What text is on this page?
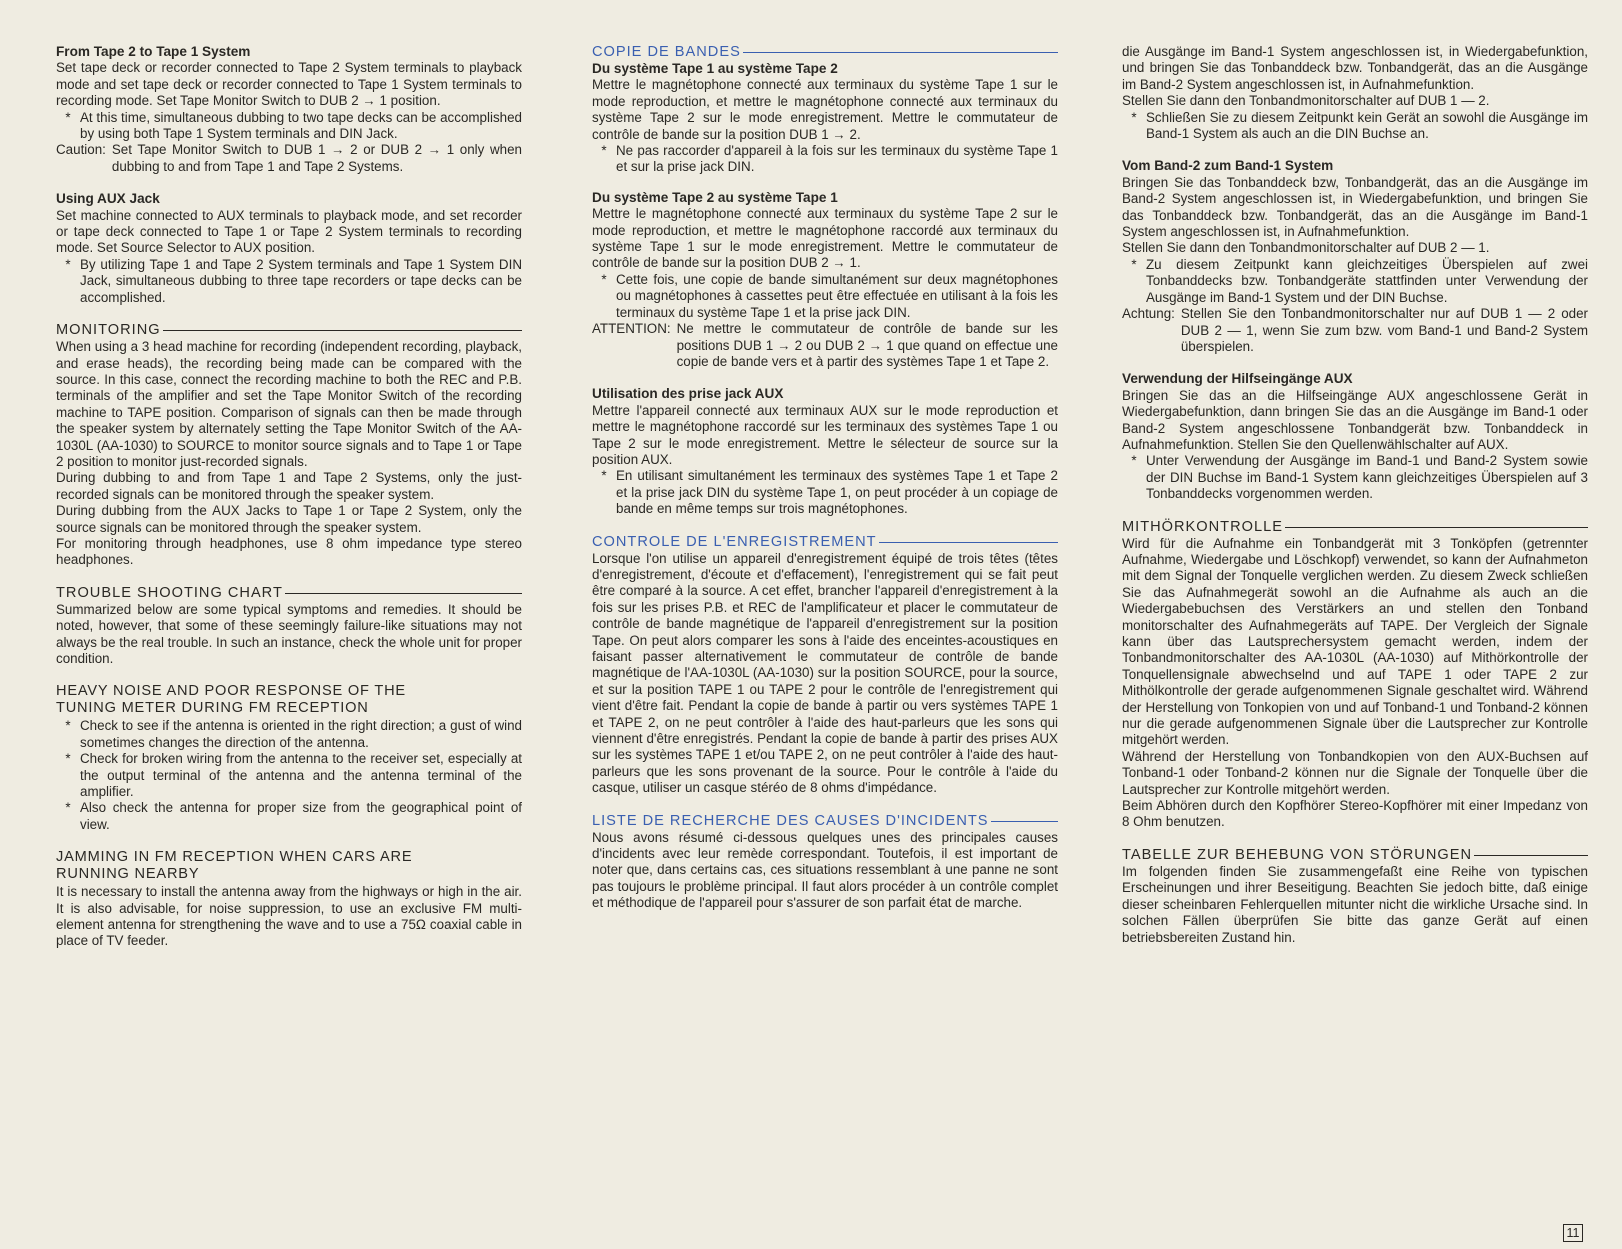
From Tape 2 to Tape 1 System

Set tape deck or recorder connected to Tape 2 System terminals to playback mode and set tape deck or recorder connected to Tape 1 System terminals to recording mode. Set Tape Monitor Switch to DUB 2 → 1 position.

* At this time, simultaneous dubbing to two tape decks can be accomplished by using both Tape 1 System terminals and DIN Jack.
Caution: Set Tape Monitor Switch to DUB 1 → 2 or DUB 2 → 1 only when dubbing to and from Tape 1 and Tape 2 Systems.
Using AUX Jack

Set machine connected to AUX terminals to playback mode, and set recorder or tape deck connected to Tape 1 or Tape 2 System terminals to recording mode. Set Source Selector to AUX position.

* By utilizing Tape 1 and Tape 2 System terminals and Tape 1 System DIN Jack, simultaneous dubbing to three tape recorders or tape decks can be accomplished.
MONITORING

When using a 3 head machine for recording (independent recording, playback, and erase heads), the recording being made can be compared with the source. In this case, connect the recording machine to both the REC and P.B. terminals of the amplifier and set the Tape Monitor Switch of the recording machine to TAPE position. Comparison of signals can then be made through the speaker system by alternately setting the Tape Monitor Switch of the AA-1030L (AA-1030) to SOURCE to monitor source signals and to Tape 1 or Tape 2 position to monitor just-recorded signals.

During dubbing to and from Tape 1 and Tape 2 Systems, only the just-recorded signals can be monitored through the speaker system.

During dubbing from the AUX Jacks to Tape 1 or Tape 2 System, only the source signals can be monitored through the speaker system.

For monitoring through headphones, use 8 ohm impedance type stereo headphones.

TROUBLE SHOOTING CHART

Summarized below are some typical symptoms and remedies. It should be noted, however, that some of these seemingly failure-like situations may not always be the real trouble. In such an instance, check the whole unit for proper condition.

HEAVY NOISE AND POOR RESPONSE OF THE
TUNING METER DURING FM RECEPTION
* Check to see if the antenna is oriented in the right direction; a gust of wind sometimes changes the direction of the antenna.
* Check for broken wiring from the antenna to the receiver set, especially at the output terminal of the antenna and the antenna terminal of the amplifier.
* Also check the antenna for proper size from the geographical point of view.
JAMMING IN FM RECEPTION WHEN CARS ARE
RUNNING NEARBY

It is necessary to install the antenna away from the highways or high in the air. It is also advisable, for noise suppression, to use an exclusive FM multi-element antenna for strengthening the wave and to use a 75Ω coaxial cable in place of TV feeder.

COPIE DE BANDES
Du système Tape 1 au système Tape 2

Mettre le magnétophone connecté aux terminaux du système Tape 1 sur le mode reproduction, et mettre le magnétophone connecté aux terminaux du système Tape 2 sur le mode enregistrement. Mettre le commutateur de contrôle de bande sur la position DUB 1 → 2.

* Ne pas raccorder d'appareil à la fois sur les terminaux du système Tape 1 et sur la prise jack DIN.
Du système Tape 2 au système Tape 1

Mettre le magnétophone connecté aux terminaux du système Tape 2 sur le mode reproduction, et mettre le magnétophone raccordé aux terminaux du système Tape 1 sur le mode enregistrement. Mettre le commutateur de contrôle de bande sur la position DUB 2 → 1.

* Cette fois, une copie de bande simultanément sur deux magnétophones ou magnétophones à cassettes peut être effectuée en utilisant à la fois les terminaux du système Tape 1 et la prise jack DIN.
ATTENTION: Ne mettre le commutateur de contrôle de bande sur les positions DUB 1 → 2 ou DUB 2 → 1 que quand on effectue une copie de bande vers et à partir des systèmes Tape 1 et Tape 2.
Utilisation des prise jack AUX

Mettre l'appareil connecté aux terminaux AUX sur le mode reproduction et mettre le magnétophone raccordé sur les terminaux des systèmes Tape 1 ou Tape 2 sur le mode enregistrement. Mettre le sélecteur de source sur la position AUX.

* En utilisant simultanément les terminaux des systèmes Tape 1 et Tape 2 et la prise jack DIN du système Tape 1, on peut procéder à un copiage de bande en même temps sur trois magnétophones.
CONTROLE DE L'ENREGISTREMENT

Lorsque l'on utilise un appareil d'enregistrement équipé de trois têtes (têtes d'enregistrement, d'écoute et d'effacement), l'enregistrement qui se fait peut être comparé à la source. A cet effet, brancher l'appareil d'enregistrement à la fois sur les prises P.B. et REC de l'amplificateur et placer le commutateur de contrôle de bande magnétique de l'appareil d'enregistrement sur la position Tape. On peut alors comparer les sons à l'aide des enceintes-acoustiques en faisant passer alternativement le commutateur de contrôle de bande magnétique de l'AA-1030L (AA-1030) sur la position SOURCE, pour la source, et sur la position TAPE 1 ou TAPE 2 pour le contrôle de l'enregistrement qui vient d'être fait. Pendant la copie de bande à partir ou vers systèmes TAPE 1 et TAPE 2, on ne peut contrôler à l'aide des haut-parleurs que les sons qui viennent d'être enregistrés. Pendant la copie de bande à partir des prises AUX sur les systèmes TAPE 1 et/ou TAPE 2, on ne peut contrôler à l'aide des haut-parleurs que les sons provenant de la source. Pour le contrôle à l'aide du casque, utiliser un casque stéréo de 8 ohms d'impédance.

LISTE DE RECHERCHE DES CAUSES D'INCIDENTS

Nous avons résumé ci-dessous quelques unes des principales causes d'incidents avec leur remède correspondant. Toutefois, il est important de noter que, dans certains cas, ces situations ressemblant à une panne ne sont pas toujours le problème principal. Il faut alors procéder à un contrôle complet et méthodique de l'appareil pour s'assurer de son parfait état de marche.

die Ausgänge im Band-1 System angeschlossen ist, in Wiedergabefunktion, und bringen Sie das Tonbanddeck bzw. Tonbandgerät, das an die Ausgänge im Band-2 System angeschlossen ist, in Aufnahmefunktion.

Stellen Sie dann den Tonbandmonitorschalter auf DUB 1 — 2.

* Schließen Sie zu diesem Zeitpunkt kein Gerät an sowohl die Ausgänge im Band-1 System als auch an die DIN Buchse an.
Vom Band-2 zum Band-1 System

Bringen Sie das Tonbanddeck bzw, Tonbandgerät, das an die Ausgänge im Band-2 System angeschlossen ist, in Wiedergabefunktion, und bringen Sie das Tonbanddeck bzw. Tonbandgerät, das an die Ausgänge im Band-1 System angeschlossen ist, in Aufnahmefunktion.

Stellen Sie dann den Tonbandmonitorschalter auf DUB 2 — 1.

* Zu diesem Zeitpunkt kann gleichzeitiges Überspielen auf zwei Tonbanddecks bzw. Tonbandgeräte stattfinden unter Verwendung der Ausgänge im Band-1 System und der DIN Buchse.
Achtung: Stellen Sie den Tonbandmonitorschalter nur auf DUB 1 — 2 oder DUB 2 — 1, wenn Sie zum bzw. vom Band-1 und Band-2 System überspielen.
Verwendung der Hilfseingänge AUX

Bringen Sie das an die Hilfseingänge AUX angeschlossene Gerät in Wiedergabefunktion, dann bringen Sie das an die Ausgänge im Band-1 oder Band-2 System angeschlossene Tonbandgerät bzw. Tonbanddeck in Aufnahmefunktion. Stellen Sie den Quellenwählschalter auf AUX.

* Unter Verwendung der Ausgänge im Band-1 und Band-2 System sowie der DIN Buchse im Band-1 System kann gleichzeitiges Überspielen auf 3 Tonbanddecks vorgenommen werden.
MITHÖRKONTROLLE

Wird für die Aufnahme ein Tonbandgerät mit 3 Tonköpfen (getrennter Aufnahme, Wiedergabe und Löschkopf) verwendet, so kann der Aufnahmeton mit dem Signal der Tonquelle verglichen werden. Zu diesem Zweck schließen Sie das Aufnahmegerät sowohl an die Aufnahme als auch an die Wiedergabebuchsen des Verstärkers an und stellen den Tonband monitorschalter des Aufnahmegeräts auf TAPE. Der Vergleich der Signale kann über das Lautsprechersystem gemacht werden, indem der Tonbandmonitorschalter des AA-1030L (AA-1030) auf Mithörkontrolle der Tonquellensignale abwechselnd und auf TAPE 1 oder TAPE 2 zur Mithölkontrolle der gerade aufgenommenen Signale geschaltet wird. Während der Herstellung von Tonkopien von und auf Tonband-1 und Tonband-2 können nur die gerade aufgenommenen Signale über die Lautsprecher zur Kontrolle mitgehört werden.

Während der Herstellung von Tonbandkopien von den AUX-Buchsen auf Tonband-1 oder Tonband-2 können nur die Signale der Tonquelle über die Lautsprecher zur Kontrolle mitgehört werden.

Beim Abhören durch den Kopfhörer Stereo-Kopfhörer mit einer Impedanz von 8 Ohm benutzen.

TABELLE ZUR BEHEBUNG VON STÖRUNGEN

Im folgenden finden Sie zusammengefaßt eine Reihe von typischen Erscheinungen und ihrer Beseitigung. Beachten Sie jedoch bitte, daß einige dieser scheinbaren Fehlerquellen mitunter nicht die wirkliche Ursache sind. In solchen Fällen überprüfen Sie bitte das ganze Gerät auf einen betriebsbereiten Zustand hin.

11
